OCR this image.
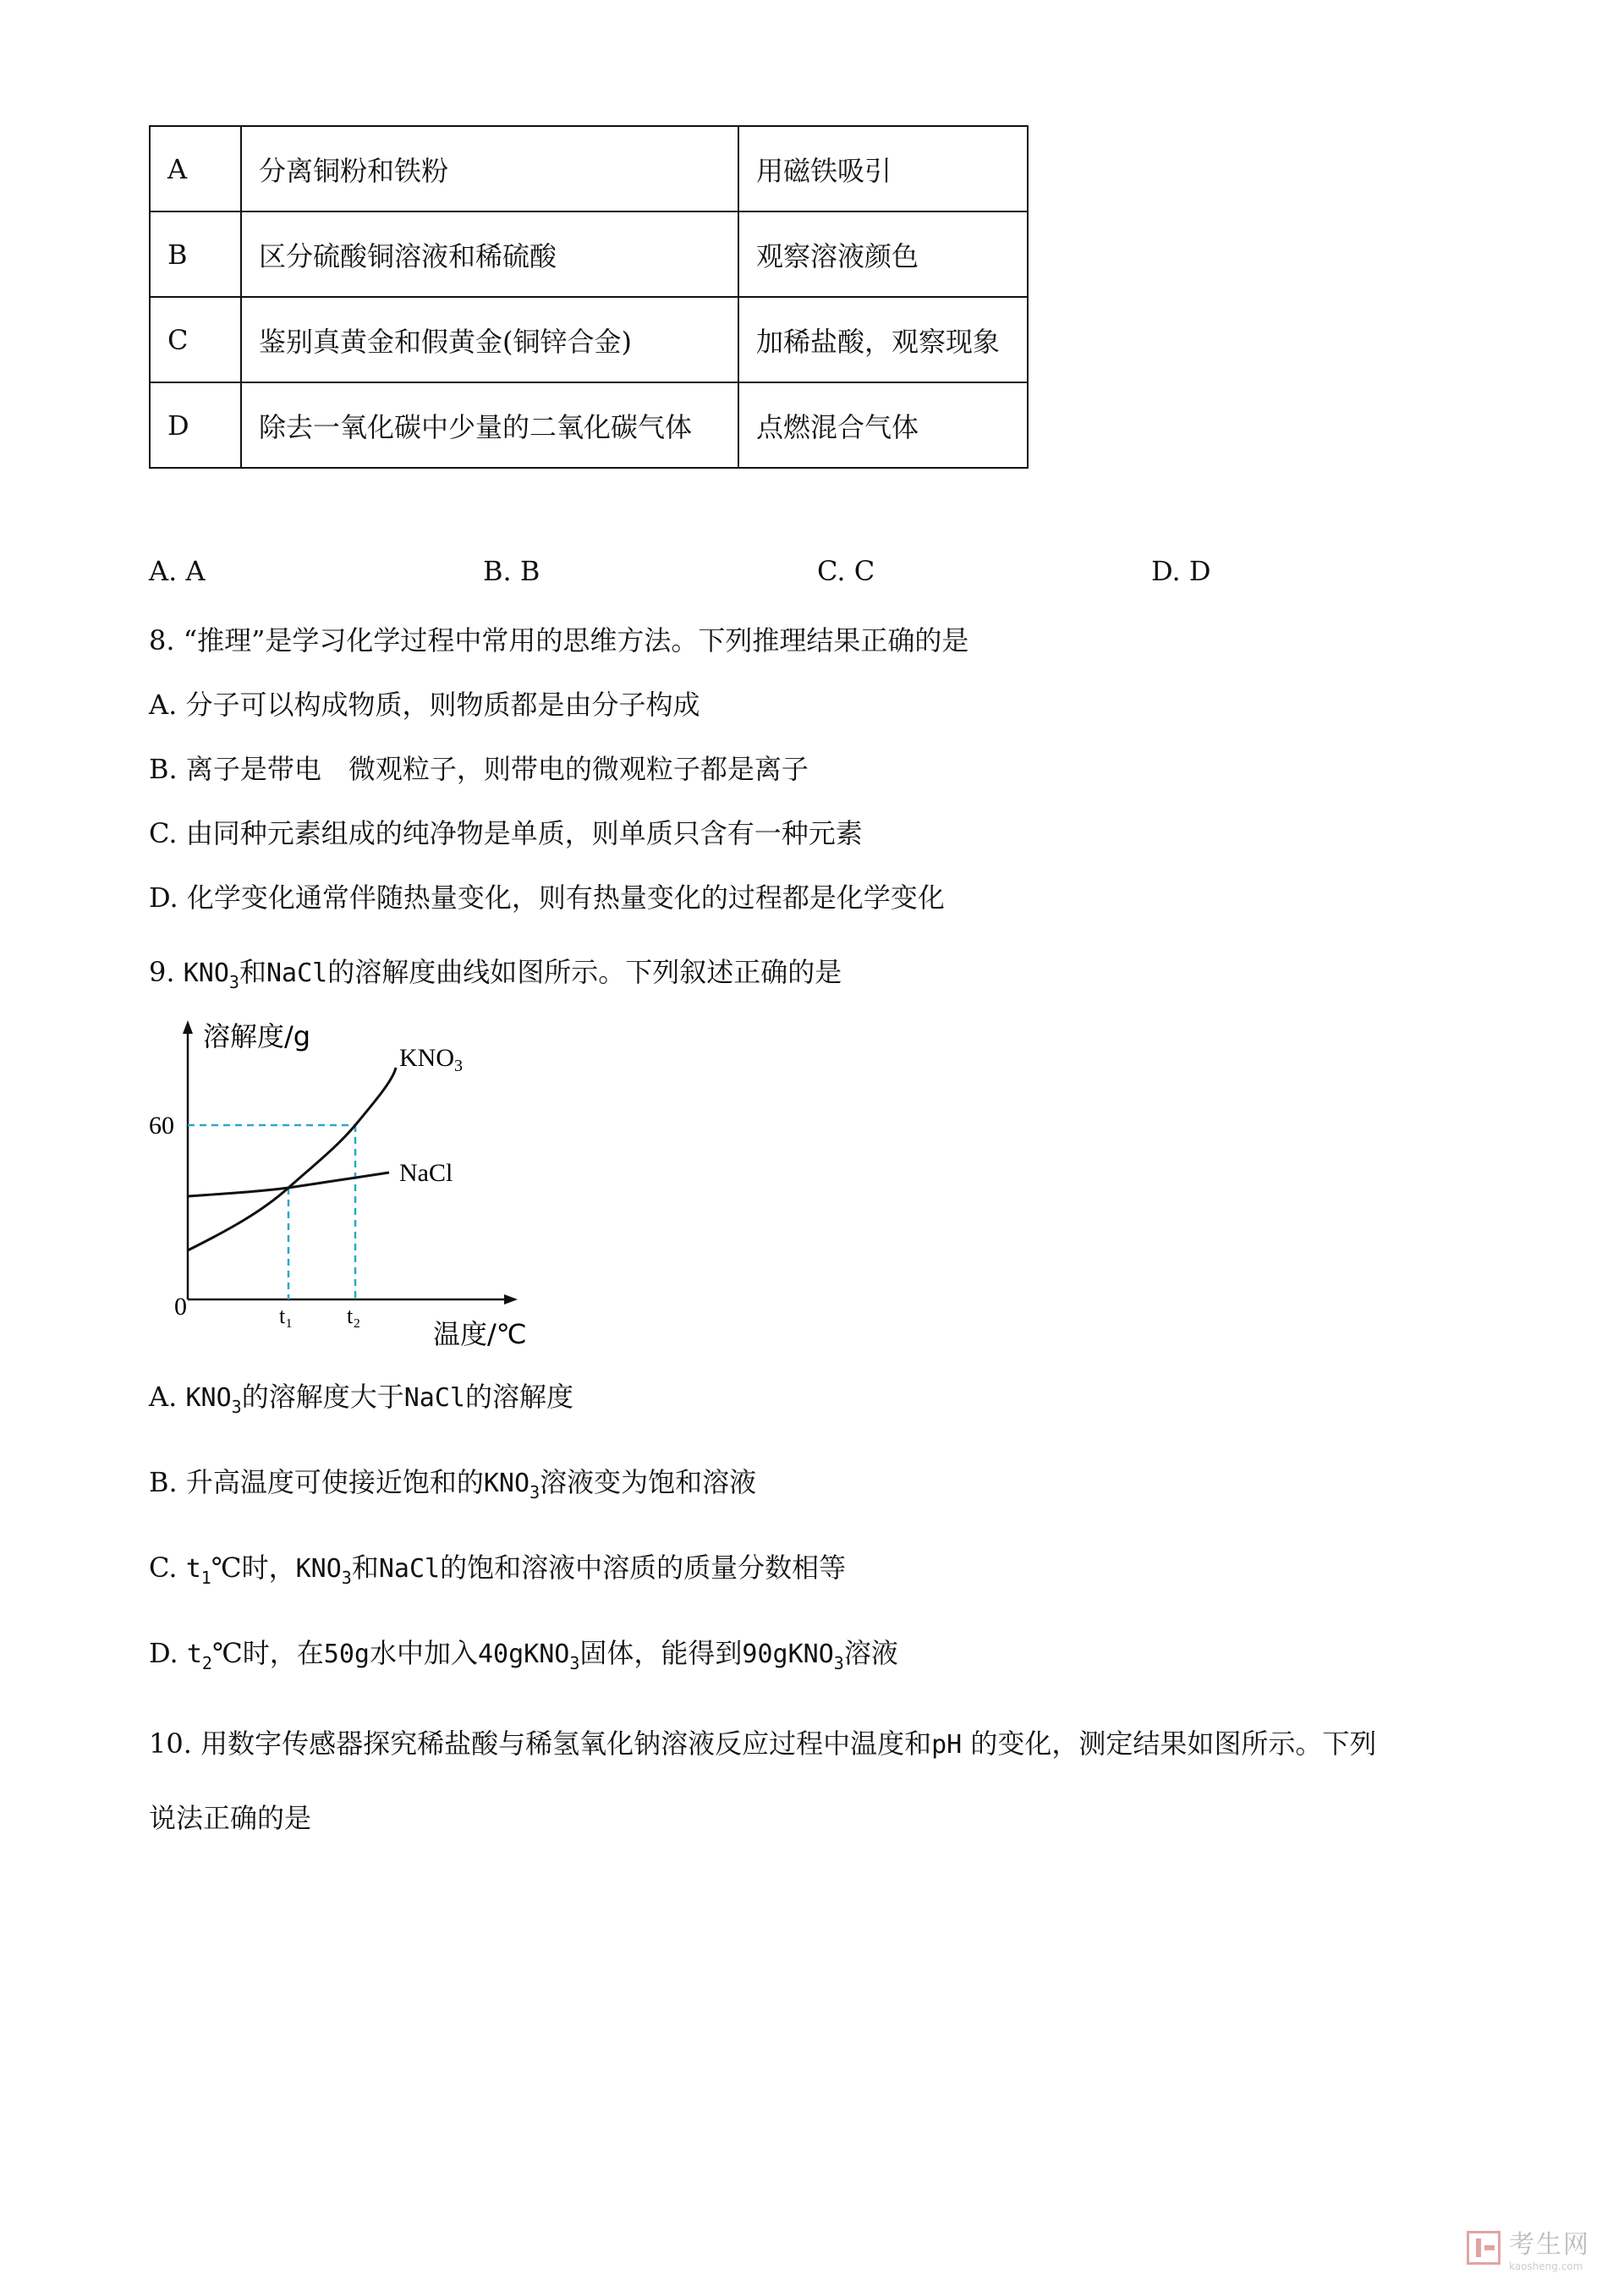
A	分离铜粉和铁粉	用磁铁吸引
B	区分硫酸铜溶液和稀硫酸	观察溶液颜色
C	鉴别真黄金和假黄金(铜锌合金)	加稀盐酸，观察现象
D	除去一氧化碳中少量的二氧化碳气体	点燃混合气体
A. A	B. B	C. C	D. D
8. “推理”是学习化学过程中常用的思维方法。下列推理结果正确的是
A. 分子可以构成物质，则物质都是由分子构成
B. 离子是带电 微观粒子，则带电的微观粒子都是离子
C. 由同种元素组成的纯净物是单质，则单质只含有一种元素
D. 化学变化通常伴随热量变化，则有热量变化的过程都是化学变化
9. $KNO_3$和NaCl的溶解度曲线如图所示。下列叙述正确的是
溶解度/g
温度/℃
0
60
$KNO_3$
NaCl
t₁ t₂
A. $KNO_3$的溶解度大于NaCl的溶解度
B. 升高温度可使接近饱和的$KNO_3$溶液变为饱和溶液
C. $t_1℃$时，$KNO_3$和NaCl的饱和溶液中溶质的质量分数相等
D. $t_2℃$时，在50g水中加入40gKNO$_3$固体，能得到90gKNO$_3$溶液
10. 用数字传感器探究稀盐酸与稀氢氧化钠溶液反应过程中温度和pH 的变化，测定结果如图所示。下列
说法正确的是
考生网
kaosheng.com
